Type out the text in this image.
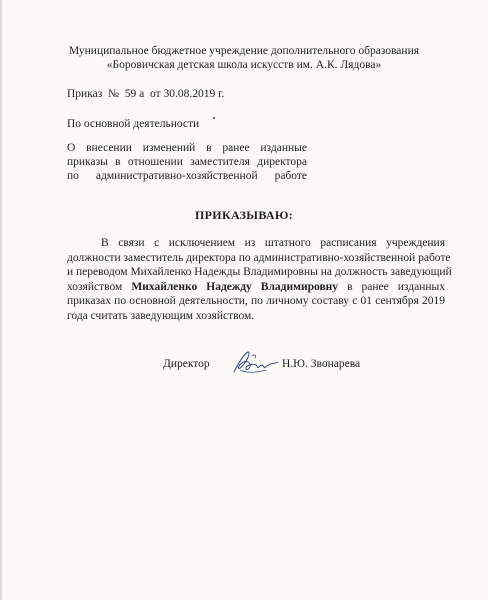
Муниципальное бюджетное учреждение дополнительного образования
«Боровичская детская школа искусств им. А.К. Лядова»
Приказ  №  59 а  от 30.08.2019 г.
По основной деятельности
О внесении изменений в ранее изданные
приказы в отношении заместителя директора
по административно-хозяйственной работе
ПРИКАЗЫВАЮ:
В связи с исключением из штатного расписания учреждения
должности заместитель директора по административно-хозяйственной работе
и переводом Михайленко Надежды Владимировны на должность заведующий
хозяйством Михайленко Надежду Владимировну в ранее изданных
приказах по основной деятельности, по личному составу с 01 сентября 2019
года считать заведующим хозяйством.
Директор	Н.Ю. Звонарева
